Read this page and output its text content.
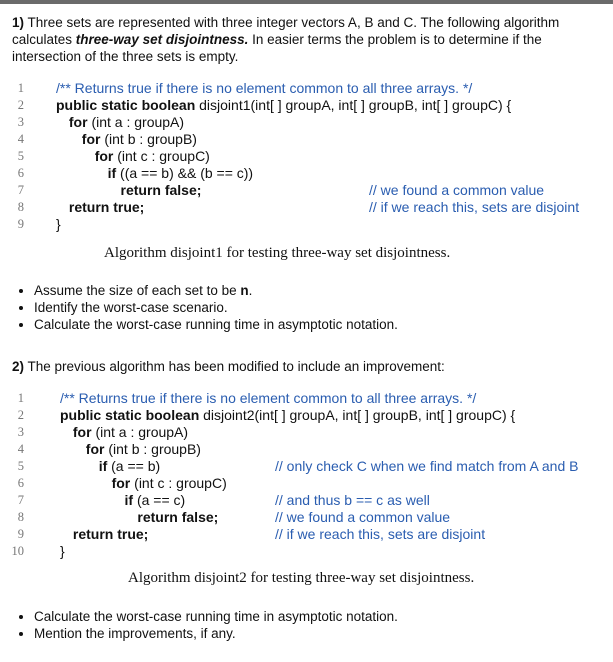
1) Three sets are represented with three integer vectors A, B and C. The following algorithm calculates three-way set disjointness. In easier terms the problem is to determine if the intersection of the three sets is empty.
1 /** Returns true if there is no element common to all three arrays. */
2 public static boolean disjoint1(int[ ] groupA, int[ ] groupB, int[ ] groupC) {
3	for (int a : groupA)
4	for (int b : groupB)
5	for (int c : groupC)
6	if ((a == b) && (b == c))
7	return false;	// we found a common value
8	return true;	// if we reach this, sets are disjoint
9 }
Algorithm disjoint1 for testing three-way set disjointness.
• Assume the size of each set to be n.
• Identify the worst-case scenario.
• Calculate the worst-case running time in asymptotic notation.
2) The previous algorithm has been modified to include an improvement:
1	/** Returns true if there is no element common to all three arrays. */
2	public static boolean disjoint2(int[ ] groupA, int[ ] groupB, int[ ] groupC) {
3	for (int a : groupA)
4	for (int b : groupB)
5	if (a == b)	// only check C when we find match from A and B
6	for (int c : groupC)
7	if (a == c)	// and thus b == c as well
8	return false;	// we found a common value
9	return true;	// if we reach this, sets are disjoint
10	}
Algorithm disjoint2 for testing three-way set disjointness.
• Calculate the worst-case running time in asymptotic notation.
• Mention the improvements, if any.
